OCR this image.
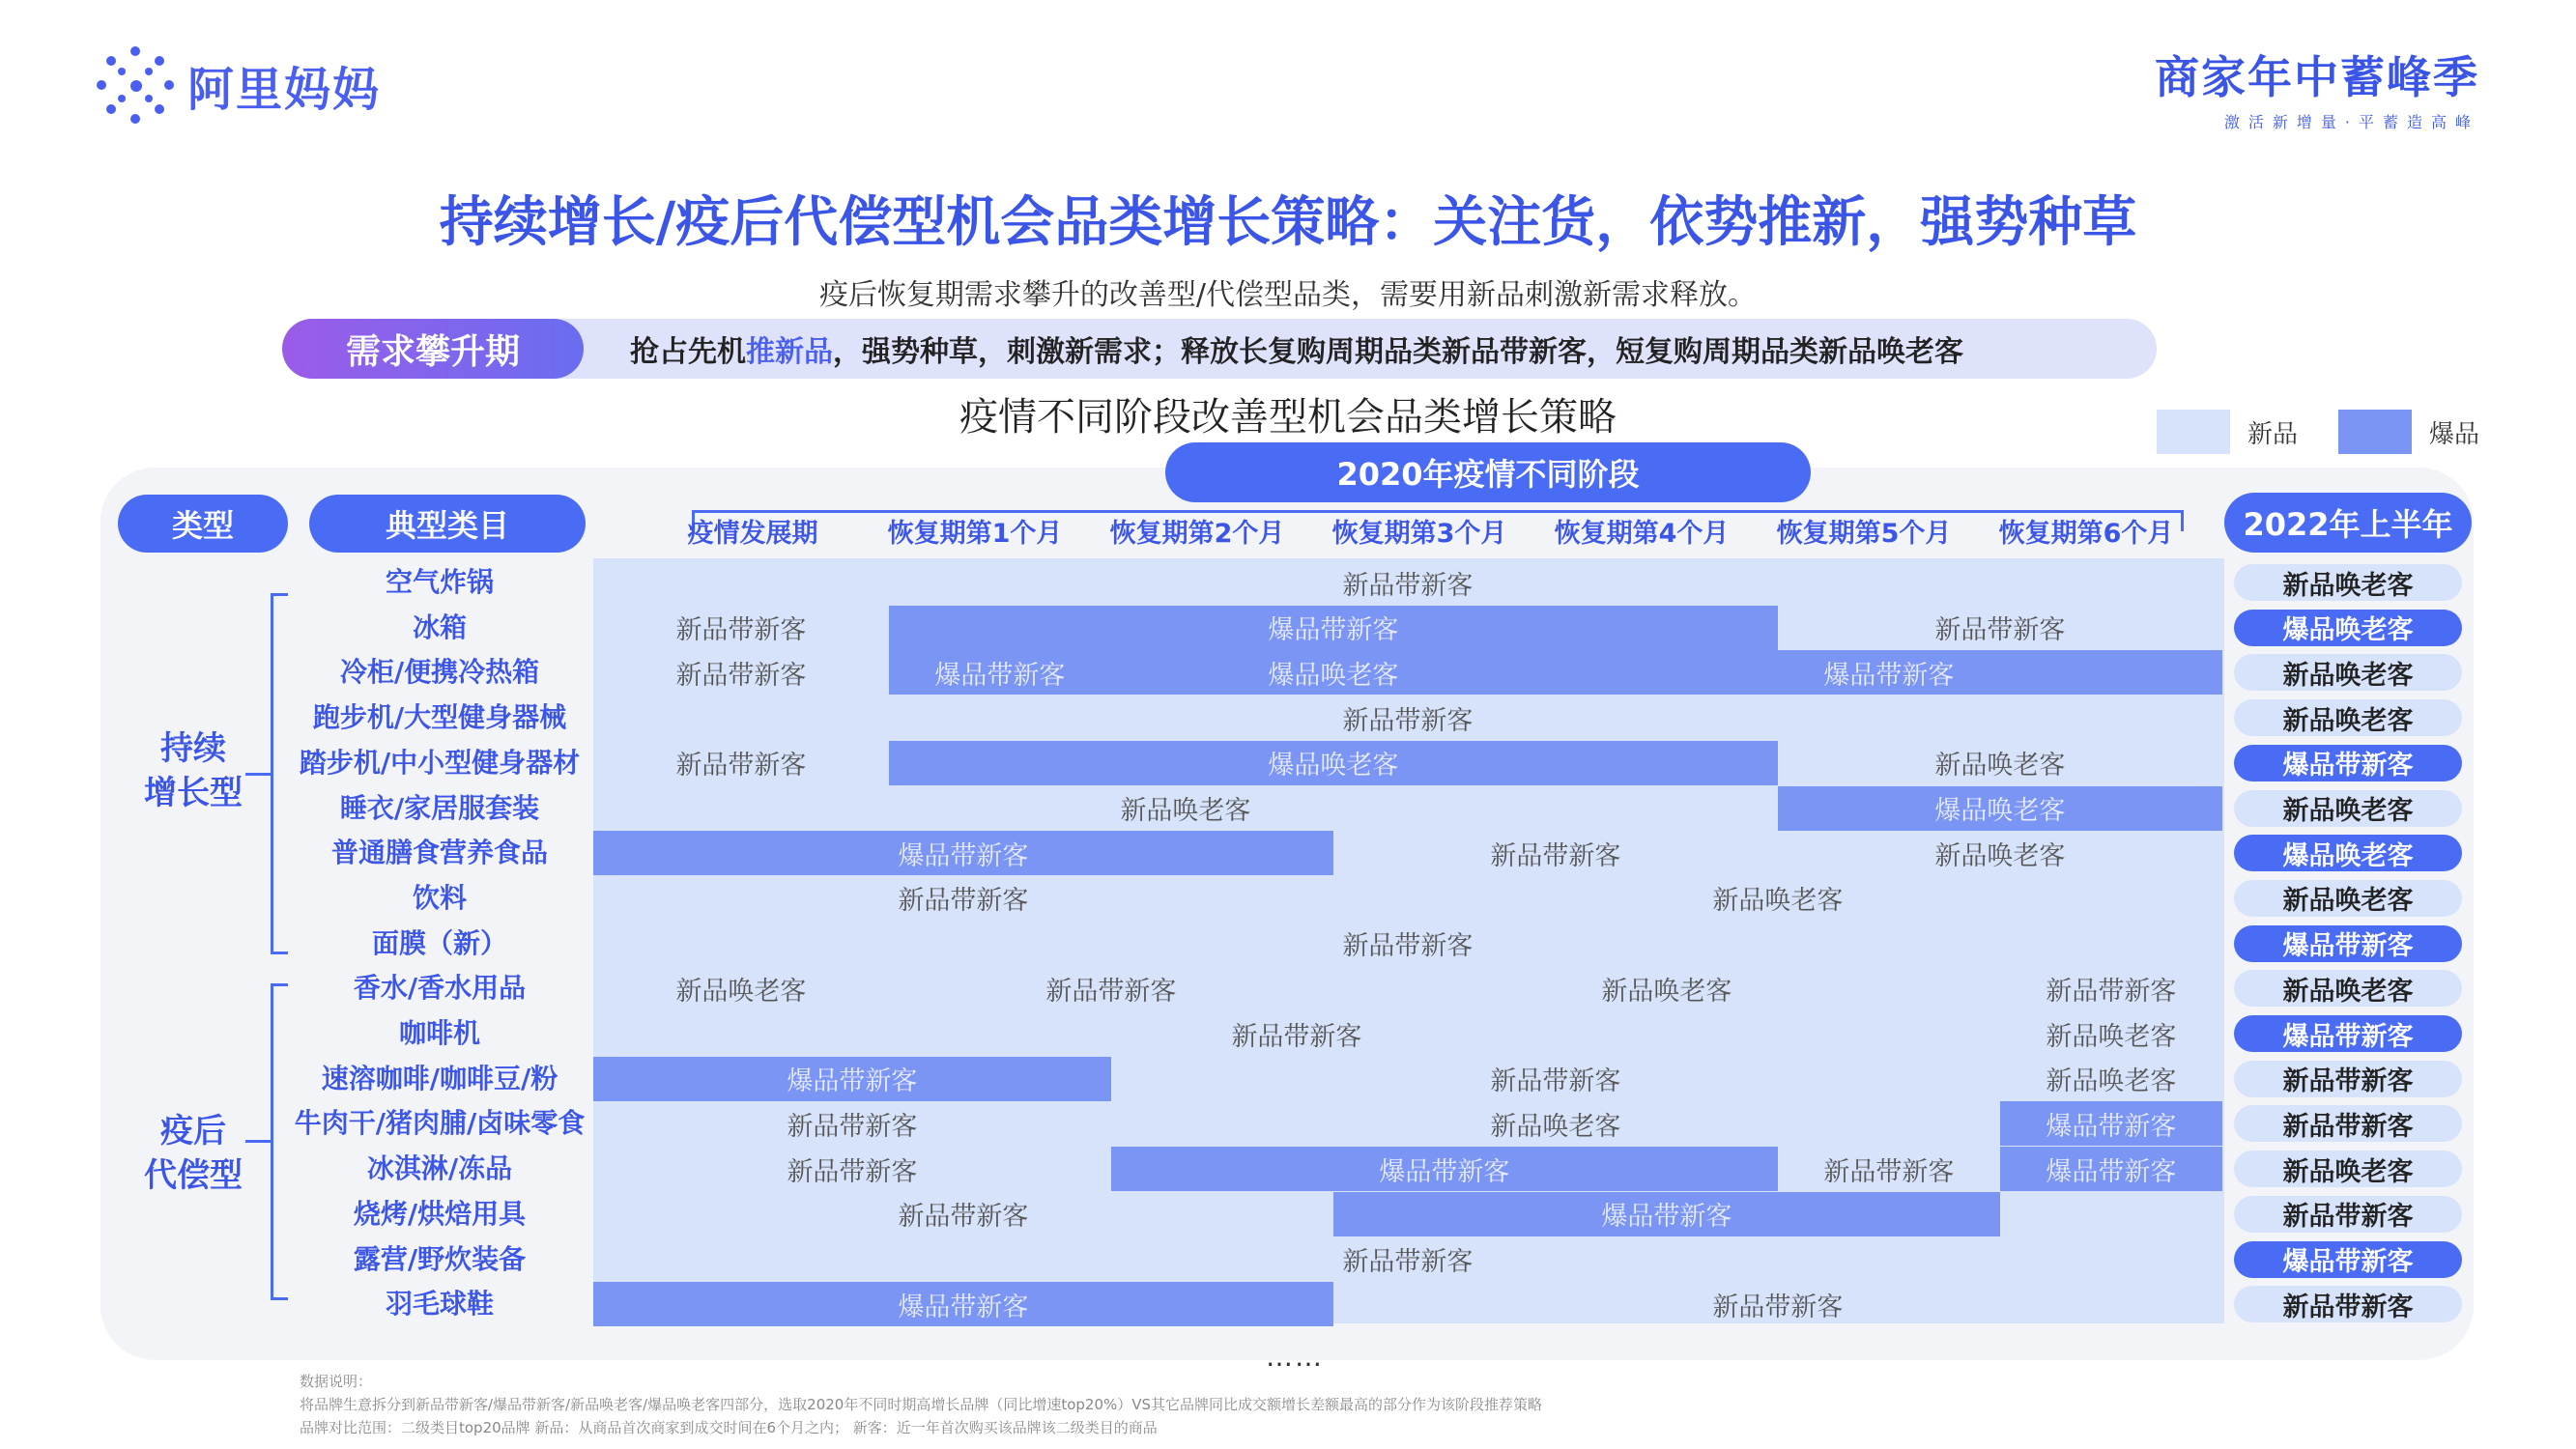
阿里妈妈	商家年中蓄峰季
激活新增量·平蓄造高峰
持续增长/疫后代偿型机会品类增长策略：关注货，依势推新，强势种草
疫后恢复期需求攀升的改善型/代偿型品类，需要用新品刺激新需求释放。
需求攀升期	抢占先机 推新品 ，强势种草，刺激新需求；释放长复购周期品类新品带新客，短复购周期品类新品唤老客
疫情不同阶段改善型机会品类增长策略	新品	爆品
2020年疫情不同阶段
类型	典型类目	2022年上半年
疫情发展期	恢复期第1个月	恢复期第2个月	恢复期第3个月	恢复期第4个月	恢复期第5个月	恢复期第6个月
持续
增长型
疫后
代偿型
空气炸锅	新品带新客	新品唤老客
冰箱	新品带新客	爆品带新客	新品带新客	爆品唤老客
冷柜/便携冷热箱	新品带新客	爆品带新客	爆品唤老客	爆品带新客	新品唤老客
跑步机/大型健身器械	新品带新客	新品唤老客
踏步机/中小型健身器材	新品带新客	爆品唤老客	新品唤老客	爆品带新客
睡衣/家居服套装	新品唤老客	爆品唤老客	新品唤老客
普通膳食营养食品	爆品带新客	新品带新客	新品唤老客	爆品唤老客
饮料	新品带新客	新品唤老客	新品唤老客
面膜（新）	新品带新客	爆品带新客
香水/香水用品	新品唤老客	新品带新客	新品唤老客	新品带新客	新品唤老客
咖啡机	新品带新客	新品唤老客	爆品带新客
速溶咖啡/咖啡豆/粉	爆品带新客	新品带新客	新品唤老客	新品带新客
牛肉干/猪肉脯/卤味零食	新品带新客	新品唤老客	爆品带新客	新品带新客
冰淇淋/冻品	新品带新客	爆品带新客	新品带新客	爆品带新客	新品唤老客
烧烤/烘焙用具	新品带新客	爆品带新客	新品带新客
露营/野炊装备	新品带新客	爆品带新客
羽毛球鞋	爆品带新客	新品带新客	新品带新客
……
数据说明：
将品牌生意拆分到新品带新客/爆品带新客/新品唤老客/爆品唤老客四部分，选取2020年不同时期高增长品牌（同比增速top20%）VS其它品牌同比成交额增长差额最高的部分作为该阶段推荐策略
品牌对比范围：二级类目top20品牌 新品：从商品首次商家到成交时间在6个月之内； 新客：近一年首次购买该品牌该二级类目的商品
